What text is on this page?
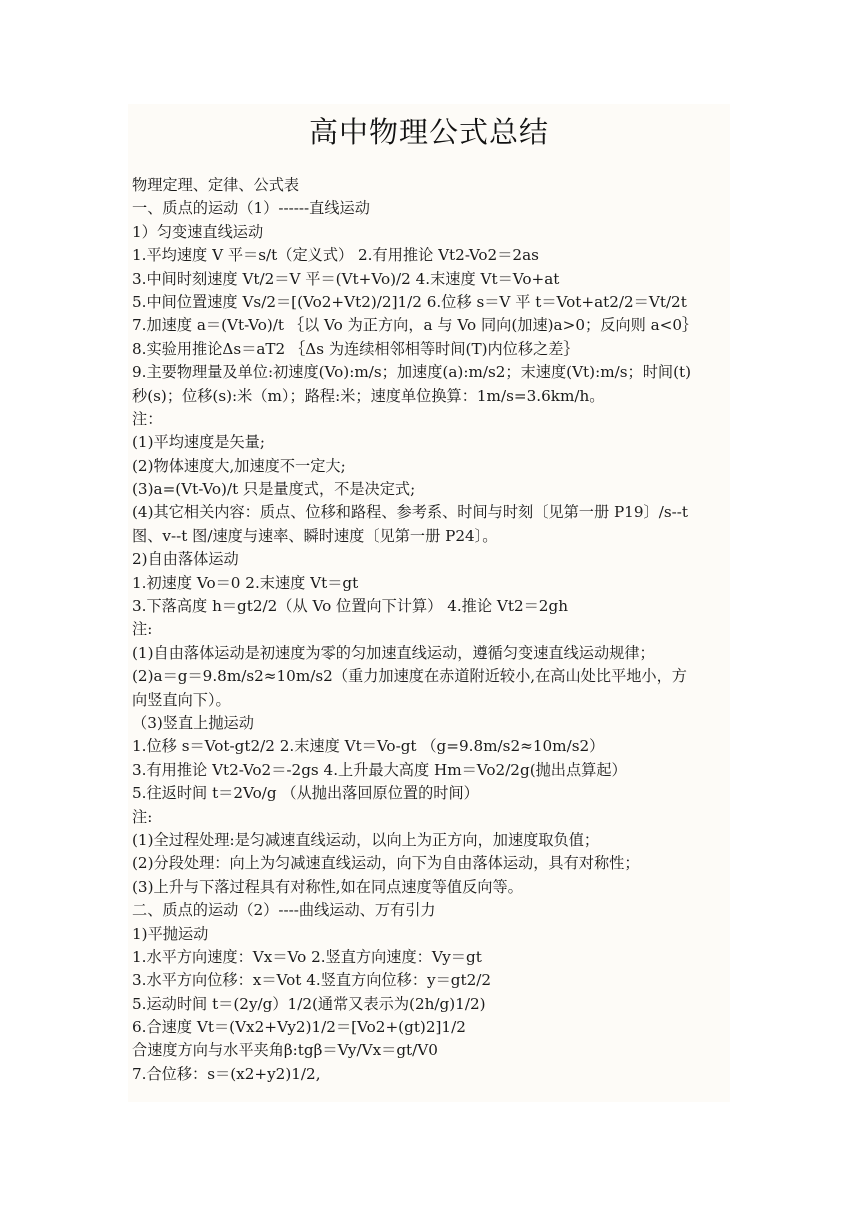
高中物理公式总结
物理定理、定律、公式表
一、质点的运动（1）------直线运动
1）匀变速直线运动
1.平均速度 V 平＝s/t（定义式） 2.有用推论 Vt2-Vo2＝2as
3.中间时刻速度 Vt/2＝V 平＝(Vt+Vo)/2 4.末速度 Vt＝Vo+at
5.中间位置速度 Vs/2＝[(Vo2+Vt2)/2]1/2 6.位移 s＝V 平 t＝Vot+at2/2＝Vt/2t
7.加速度 a＝(Vt-Vo)/t ｛以 Vo 为正方向，a 与 Vo 同向(加速)a>0；反向则 a<0｝
8.实验用推论Δs＝aT2 ｛Δs 为连续相邻相等时间(T)内位移之差｝
9.主要物理量及单位:初速度(Vo):m/s；加速度(a):m/s2；末速度(Vt):m/s；时间(t)
秒(s)；位移(s):米（m）；路程:米；速度单位换算：1m/s=3.6km/h。
注：
(1)平均速度是矢量;
(2)物体速度大,加速度不一定大;
(3)a=(Vt-Vo)/t 只是量度式，不是决定式;
(4)其它相关内容：质点、位移和路程、参考系、时间与时刻〔见第一册 P19〕/s--t
图、v--t 图/速度与速率、瞬时速度〔见第一册 P24〕。
2)自由落体运动
1.初速度 Vo＝0 2.末速度 Vt＝gt
3.下落高度 h＝gt2/2（从 Vo 位置向下计算） 4.推论 Vt2＝2gh
注:
(1)自由落体运动是初速度为零的匀加速直线运动，遵循匀变速直线运动规律；
(2)a＝g＝9.8m/s2≈10m/s2（重力加速度在赤道附近较小,在高山处比平地小，方
向竖直向下）。
（3)竖直上抛运动
1.位移 s＝Vot-gt2/2 2.末速度 Vt＝Vo-gt （g=9.8m/s2≈10m/s2）
3.有用推论 Vt2-Vo2＝-2gs 4.上升最大高度 Hm＝Vo2/2g(抛出点算起）
5.往返时间 t＝2Vo/g （从抛出落回原位置的时间）
注:
(1)全过程处理:是匀减速直线运动，以向上为正方向，加速度取负值；
(2)分段处理：向上为匀减速直线运动，向下为自由落体运动，具有对称性；
(3)上升与下落过程具有对称性,如在同点速度等值反向等。
二、质点的运动（2）----曲线运动、万有引力
1)平抛运动
1.水平方向速度：Vx＝Vo 2.竖直方向速度：Vy＝gt
3.水平方向位移：x＝Vot 4.竖直方向位移：y＝gt2/2
5.运动时间 t＝(2y/g）1/2(通常又表示为(2h/g)1/2)
6.合速度 Vt＝(Vx2+Vy2)1/2＝[Vo2+(gt)2]1/2
合速度方向与水平夹角β:tgβ＝Vy/Vx＝gt/V0
7.合位移：s＝(x2+y2)1/2,
